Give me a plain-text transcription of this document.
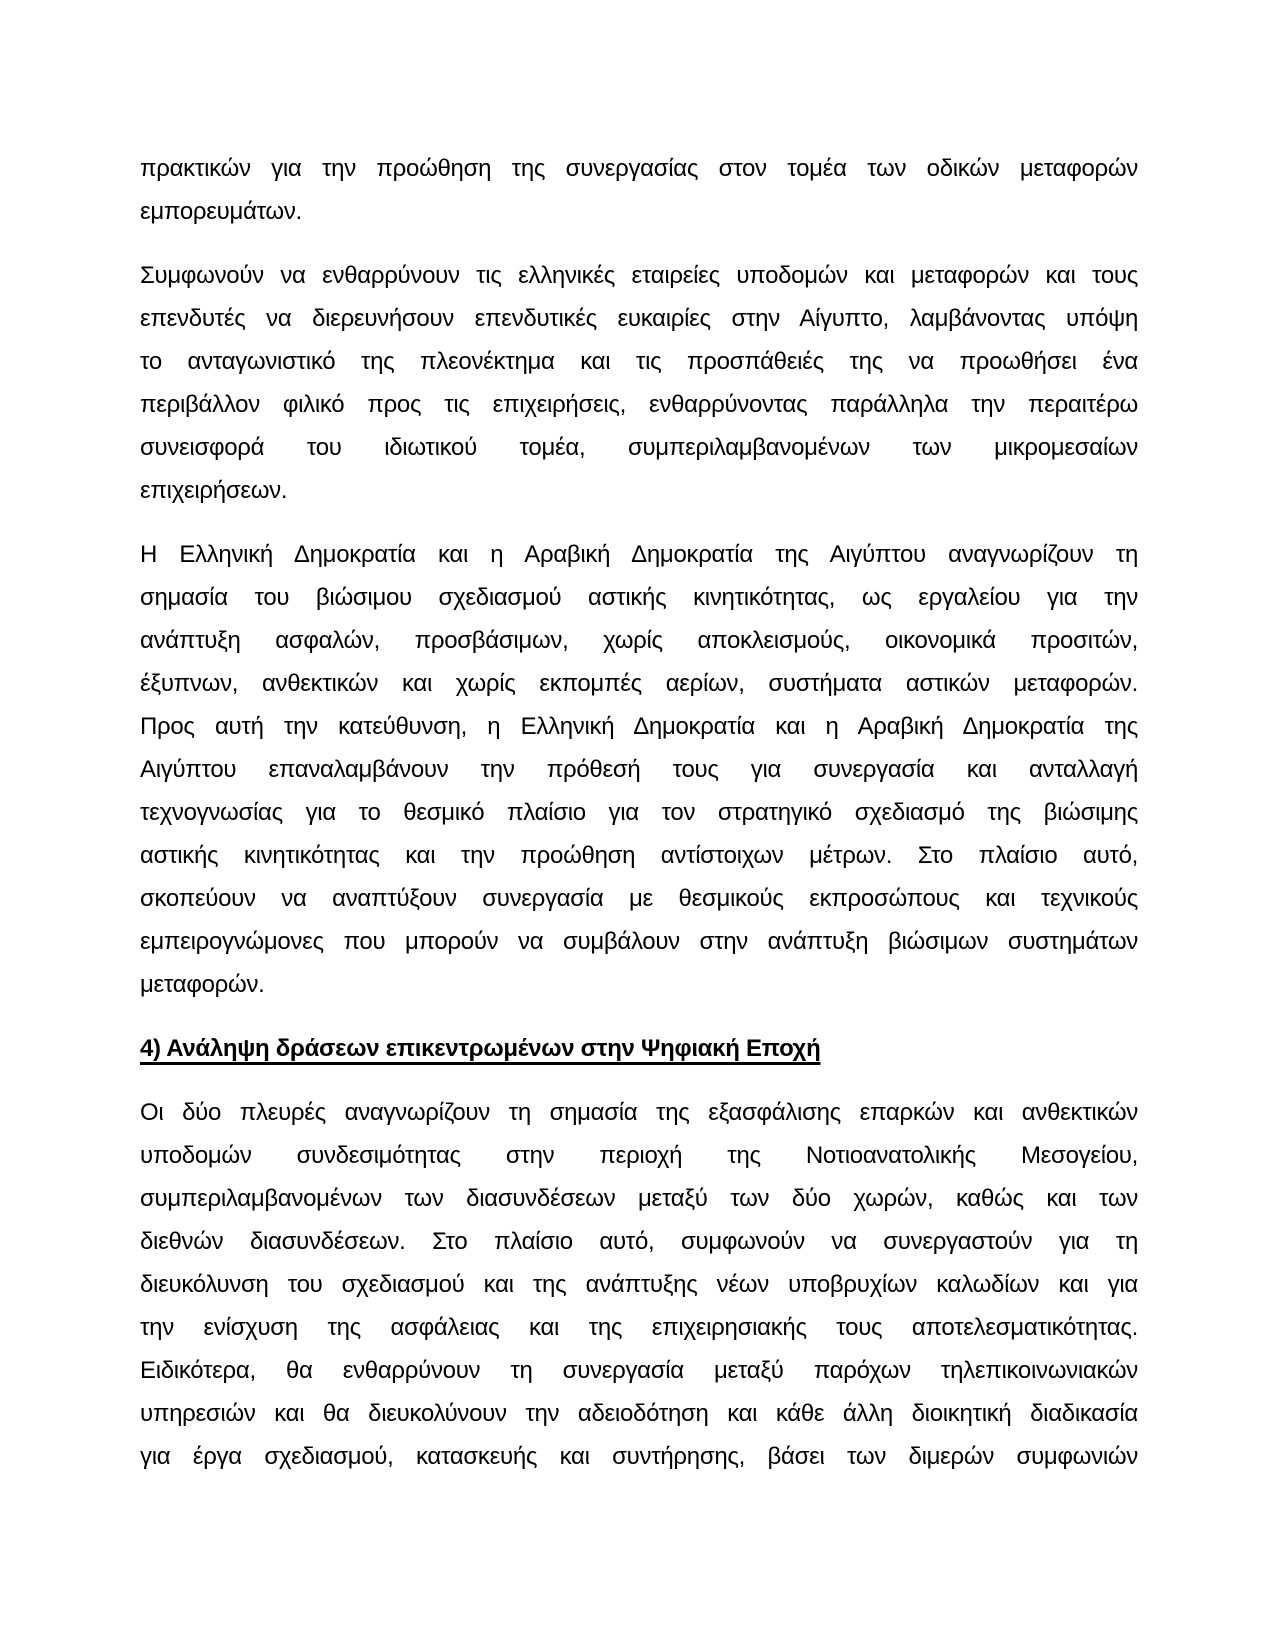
πρακτικών για την προώθηση της συνεργασίας στον τομέα των οδικών μεταφορών
εμπορευμάτων.
Συμφωνούν να ενθαρρύνουν τις ελληνικές εταιρείες υποδομών και μεταφορών και τους
επενδυτές να διερευνήσουν επενδυτικές ευκαιρίες στην Αίγυπτο, λαμβάνοντας υπόψη
το ανταγωνιστικό της πλεονέκτημα και τις προσπάθειές της να προωθήσει ένα
περιβάλλον φιλικό προς τις επιχειρήσεις, ενθαρρύνοντας παράλληλα την περαιτέρω
συνεισφορά του ιδιωτικού τομέα, συμπεριλαμβανομένων των μικρομεσαίων
επιχειρήσεων.
Η Ελληνική Δημοκρατία και η Αραβική Δημοκρατία της Αιγύπτου αναγνωρίζουν τη
σημασία του βιώσιμου σχεδιασμού αστικής κινητικότητας, ως εργαλείου για την
ανάπτυξη ασφαλών, προσβάσιμων, χωρίς αποκλεισμούς, οικονομικά προσιτών,
έξυπνων, ανθεκτικών και χωρίς εκπομπές αερίων, συστήματα αστικών μεταφορών.
Προς αυτή την κατεύθυνση, η Ελληνική Δημοκρατία και η Αραβική Δημοκρατία της
Αιγύπτου επαναλαμβάνουν την πρόθεσή τους για συνεργασία και ανταλλαγή
τεχνογνωσίας για το θεσμικό πλαίσιο για τον στρατηγικό σχεδιασμό της βιώσιμης
αστικής κινητικότητας και την προώθηση αντίστοιχων μέτρων. Στο πλαίσιο αυτό,
σκοπεύουν να αναπτύξουν συνεργασία με θεσμικούς εκπροσώπους και τεχνικούς
εμπειρογνώμονες που μπορούν να συμβάλουν στην ανάπτυξη βιώσιμων συστημάτων
μεταφορών.
4) Ανάληψη δράσεων επικεντρωμένων στην Ψηφιακή Εποχή
Οι δύο πλευρές αναγνωρίζουν τη σημασία της εξασφάλισης επαρκών και ανθεκτικών
υποδομών συνδεσιμότητας στην περιοχή της Νοτιοανατολικής Μεσογείου,
συμπεριλαμβανομένων των διασυνδέσεων μεταξύ των δύο χωρών, καθώς και των
διεθνών διασυνδέσεων. Στο πλαίσιο αυτό, συμφωνούν να συνεργαστούν για τη
διευκόλυνση του σχεδιασμού και της ανάπτυξης νέων υποβρυχίων καλωδίων και για
την ενίσχυση της ασφάλειας και της επιχειρησιακής τους αποτελεσματικότητας.
Ειδικότερα, θα ενθαρρύνουν τη συνεργασία μεταξύ παρόχων τηλεπικοινωνιακών
υπηρεσιών και θα διευκολύνουν την αδειοδότηση και κάθε άλλη διοικητική διαδικασία
για έργα σχεδιασμού, κατασκευής και συντήρησης, βάσει των διμερών συμφωνιών
